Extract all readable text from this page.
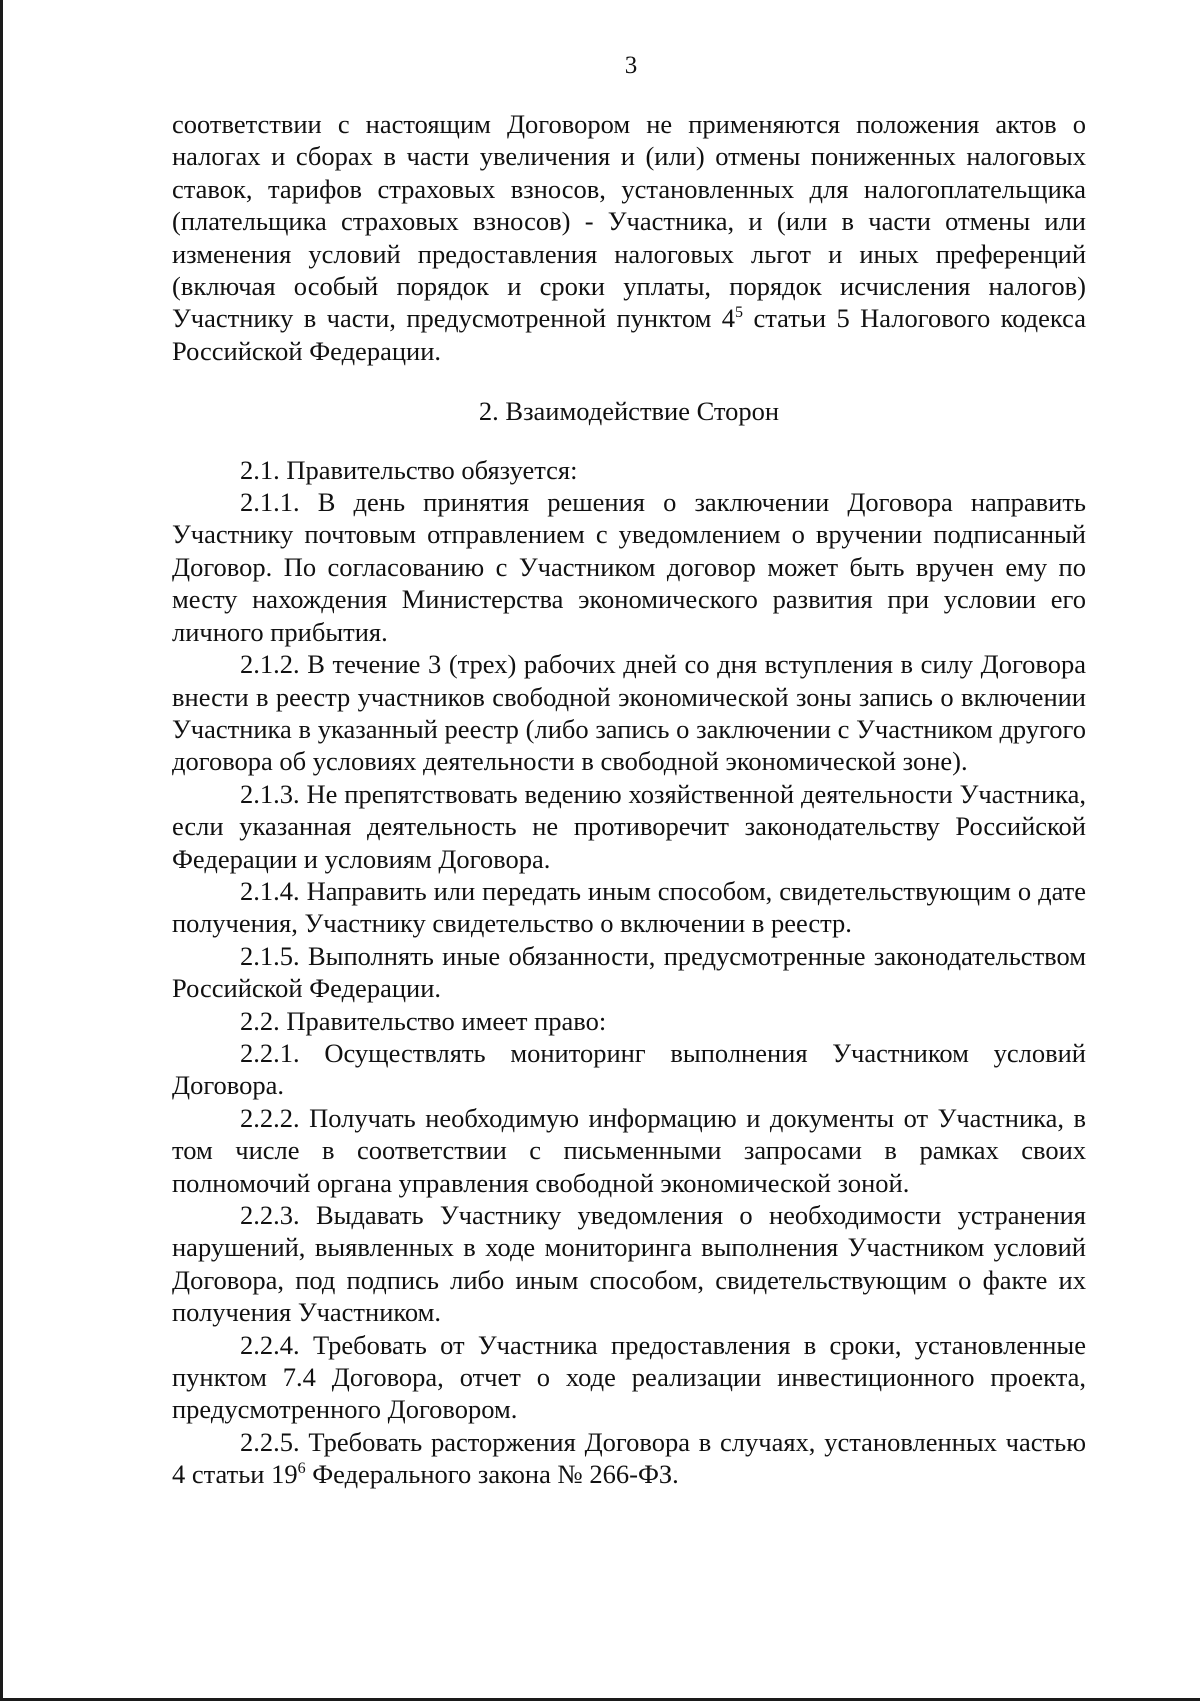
3

соответствии с настоящим Договором не применяются положения актов о налогах и сборах в части увеличения и (или) отмены пониженных налоговых ставок, тарифов страховых взносов, установленных для налогоплательщика (плательщика страховых взносов) - Участника, и (или в части отмены или изменения условий предоставления налоговых льгот и иных преференций (включая особый порядок и сроки уплаты, порядок исчисления налогов) Участнику в части, предусмотренной пунктом $4^5$ статьи 5 Налогового кодекса Российской Федерации.

2. Взаимодействие Сторон

2.1. Правительство обязуется:

2.1.1. В день принятия решения о заключении Договора направить Участнику почтовым отправлением с уведомлением о вручении подписанный Договор. По согласованию с Участником договор может быть вручен ему по месту нахождения Министерства экономического развития при условии его личного прибытия.

2.1.2. В течение 3 (трех) рабочих дней со дня вступления в силу Договора внести в реестр участников свободной экономической зоны запись о включении Участника в указанный реестр (либо запись о заключении с Участником другого договора об условиях деятельности в свободной экономической зоне).

2.1.3. Не препятствовать ведению хозяйственной деятельности Участника, если указанная деятельность не противоречит законодательству Российской Федерации и условиям Договора.

2.1.4. Направить или передать иным способом, свидетельствующим о дате получения, Участнику свидетельство о включении в реестр.

2.1.5. Выполнять иные обязанности, предусмотренные законодательством Российской Федерации.

2.2. Правительство имеет право:

2.2.1. Осуществлять мониторинг выполнения Участником условий Договора.

2.2.2. Получать необходимую информацию и документы от Участника, в том числе в соответствии с письменными запросами в рамках своих полномочий органа управления свободной экономической зоной.

2.2.3. Выдавать Участнику уведомления о необходимости устранения нарушений, выявленных в ходе мониторинга выполнения Участником условий Договора, под подпись либо иным способом, свидетельствующим о факте их получения Участником.

2.2.4. Требовать от Участника предоставления в сроки, установленные пунктом 7.4 Договора, отчет о ходе реализации инвестиционного проекта, предусмотренного Договором.

2.2.5. Требовать расторжения Договора в случаях, установленных частью 4 статьи $19^6$ Федерального закона № 266-ФЗ.
